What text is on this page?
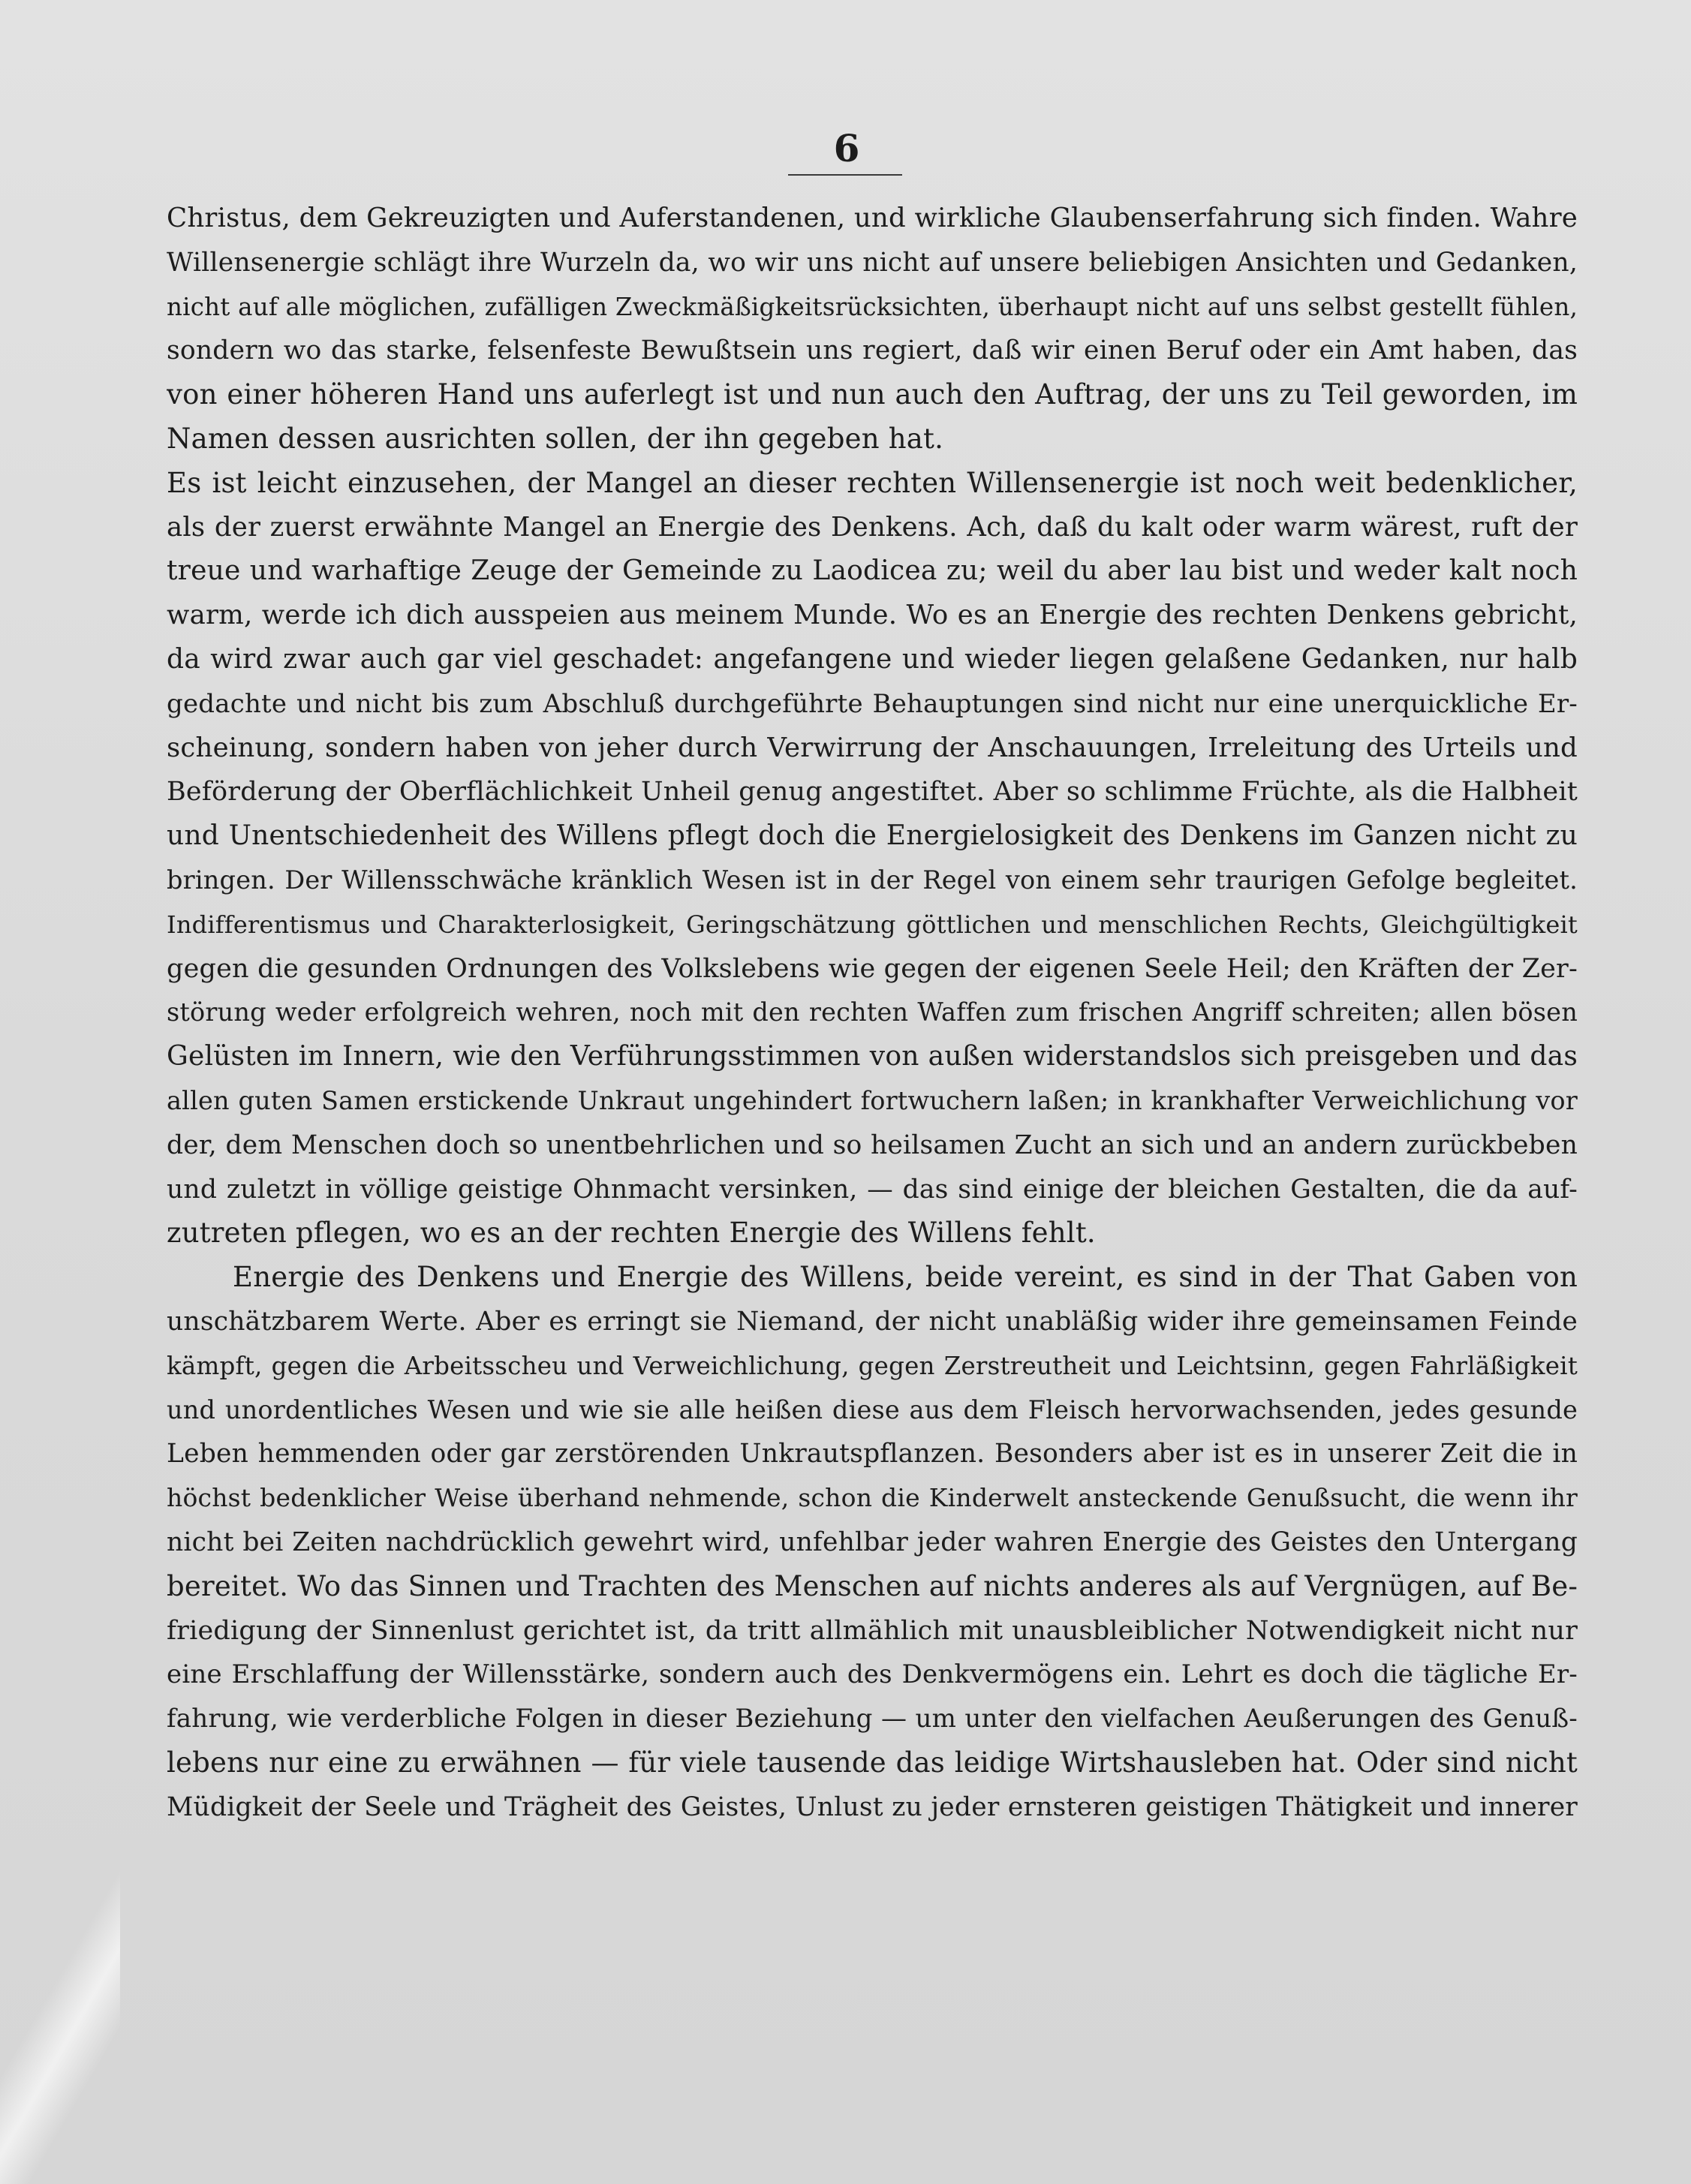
6
Christus, dem Gekreuzigten und Auferstandenen, und wirkliche Glaubenserfahrung sich finden. Wahre
Willensenergie schlägt ihre Wurzeln da, wo wir uns nicht auf unsere beliebigen Ansichten und Gedanken,
nicht auf alle möglichen, zufälligen Zweckmäßigkeitsrücksichten, überhaupt nicht auf uns selbst gestellt fühlen,
sondern wo das starke, felsenfeste Bewußtsein uns regiert, daß wir einen Beruf oder ein Amt haben, das
von einer höheren Hand uns auferlegt ist und nun auch den Auftrag, der uns zu Teil geworden, im
Namen dessen ausrichten sollen, der ihn gegeben hat.
Es ist leicht einzusehen, der Mangel an dieser rechten Willensenergie ist noch weit bedenklicher,
als der zuerst erwähnte Mangel an Energie des Denkens. Ach, daß du kalt oder warm wärest, ruft der
treue und warhaftige Zeuge der Gemeinde zu Laodicea zu; weil du aber lau bist und weder kalt noch
warm, werde ich dich ausspeien aus meinem Munde. Wo es an Energie des rechten Denkens gebricht,
da wird zwar auch gar viel geschadet: angefangene und wieder liegen gelaßene Gedanken, nur halb
gedachte und nicht bis zum Abschluß durchgeführte Behauptungen sind nicht nur eine unerquickliche Er-
scheinung, sondern haben von jeher durch Verwirrung der Anschauungen, Irreleitung des Urteils und
Beförderung der Oberflächlichkeit Unheil genug angestiftet. Aber so schlimme Früchte, als die Halbheit
und Unentschiedenheit des Willens pflegt doch die Energielosigkeit des Denkens im Ganzen nicht zu
bringen. Der Willensschwäche kränklich Wesen ist in der Regel von einem sehr traurigen Gefolge begleitet.
Indifferentismus und Charakterlosigkeit, Geringschätzung göttlichen und menschlichen Rechts, Gleichgültigkeit
gegen die gesunden Ordnungen des Volkslebens wie gegen der eigenen Seele Heil; den Kräften der Zer-
störung weder erfolgreich wehren, noch mit den rechten Waffen zum frischen Angriff schreiten; allen bösen
Gelüsten im Innern, wie den Verführungsstimmen von außen widerstandslos sich preisgeben und das
allen guten Samen erstickende Unkraut ungehindert fortwuchern laßen; in krankhafter Verweichlichung vor
der, dem Menschen doch so unentbehrlichen und so heilsamen Zucht an sich und an andern zurückbeben
und zuletzt in völlige geistige Ohnmacht versinken, — das sind einige der bleichen Gestalten, die da auf-
zutreten pflegen, wo es an der rechten Energie des Willens fehlt.
Energie des Denkens und Energie des Willens, beide vereint, es sind in der That Gaben von
unschätzbarem Werte. Aber es erringt sie Niemand, der nicht unabläßig wider ihre gemeinsamen Feinde
kämpft, gegen die Arbeitsscheu und Verweichlichung, gegen Zerstreutheit und Leichtsinn, gegen Fahrläßigkeit
und unordentliches Wesen und wie sie alle heißen diese aus dem Fleisch hervorwachsenden, jedes gesunde
Leben hemmenden oder gar zerstörenden Unkrautspflanzen. Besonders aber ist es in unserer Zeit die in
höchst bedenklicher Weise überhand nehmende, schon die Kinderwelt ansteckende Genußsucht, die wenn ihr
nicht bei Zeiten nachdrücklich gewehrt wird, unfehlbar jeder wahren Energie des Geistes den Untergang
bereitet. Wo das Sinnen und Trachten des Menschen auf nichts anderes als auf Vergnügen, auf Be-
friedigung der Sinnenlust gerichtet ist, da tritt allmählich mit unausbleiblicher Notwendigkeit nicht nur
eine Erschlaffung der Willensstärke, sondern auch des Denkvermögens ein. Lehrt es doch die tägliche Er-
fahrung, wie verderbliche Folgen in dieser Beziehung — um unter den vielfachen Aeußerungen des Genuß-
lebens nur eine zu erwähnen — für viele tausende das leidige Wirtshausleben hat. Oder sind nicht
Müdigkeit der Seele und Trägheit des Geistes, Unlust zu jeder ernsteren geistigen Thätigkeit und innerer
